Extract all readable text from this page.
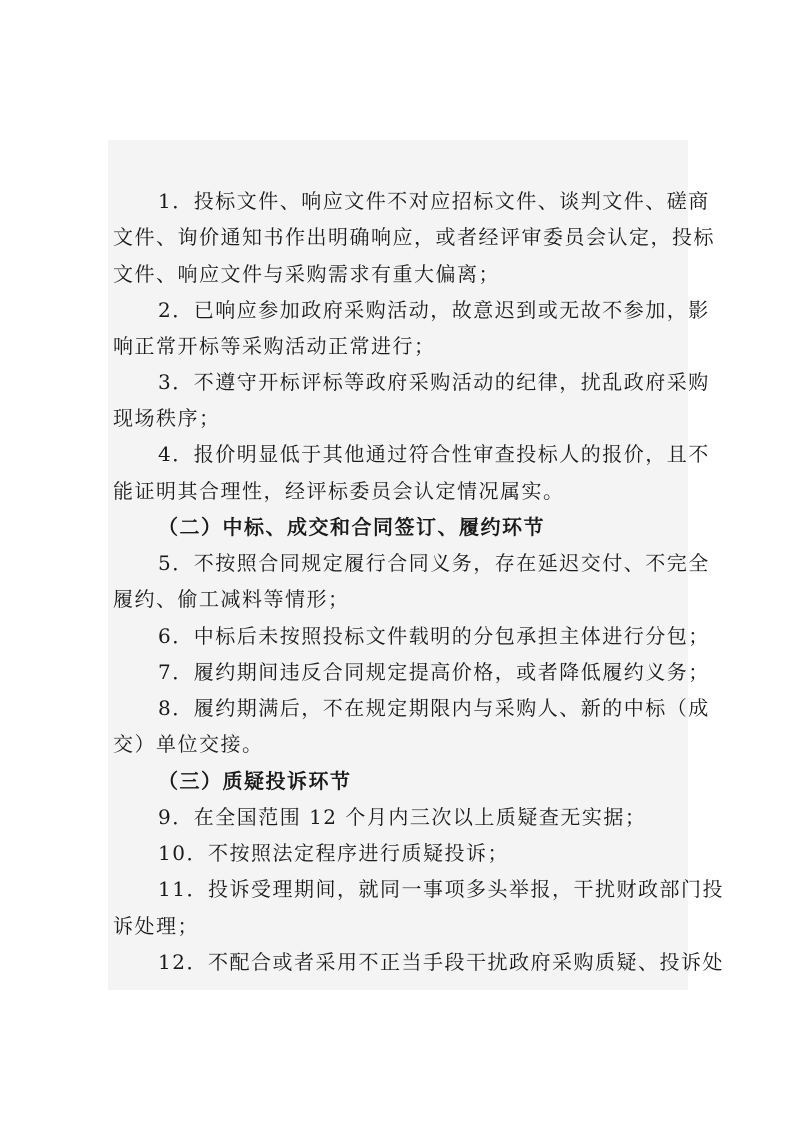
1．投标文件、响应文件不对应招标文件、谈判文件、磋商
文件、询价通知书作出明确响应，或者经评审委员会认定，投标
文件、响应文件与采购需求有重大偏离；
2．已响应参加政府采购活动，故意迟到或无故不参加，影
响正常开标等采购活动正常进行；
3．不遵守开标评标等政府采购活动的纪律，扰乱政府采购
现场秩序；
4．报价明显低于其他通过符合性审查投标人的报价，且不
能证明其合理性，经评标委员会认定情况属实。
（二）中标、成交和合同签订、履约环节
5．不按照合同规定履行合同义务，存在延迟交付、不完全
履约、偷工减料等情形；
6．中标后未按照投标文件载明的分包承担主体进行分包；
7．履约期间违反合同规定提高价格，或者降低履约义务；
8．履约期满后，不在规定期限内与采购人、新的中标（成
交）单位交接。
（三）质疑投诉环节
9．在全国范围 12 个月内三次以上质疑查无实据；
10．不按照法定程序进行质疑投诉；
11．投诉受理期间，就同一事项多头举报，干扰财政部门投
诉处理；
12．不配合或者采用不正当手段干扰政府采购质疑、投诉处
